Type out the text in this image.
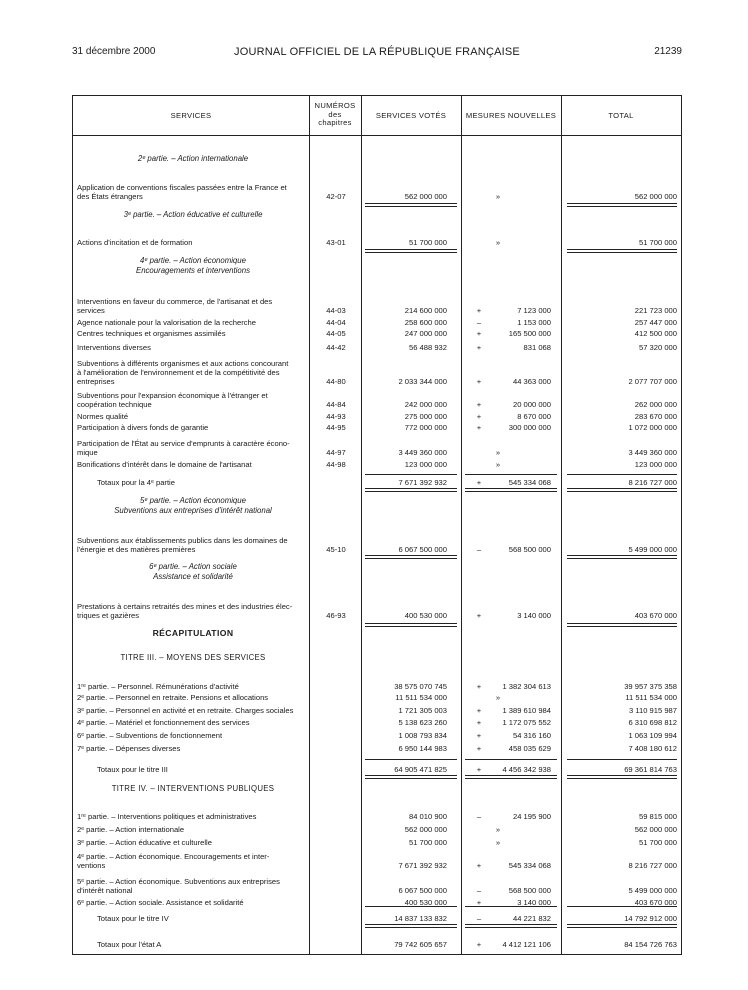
31 décembre 2000	JOURNAL OFFICIEL DE LA RÉPUBLIQUE FRANÇAISE	21239
SERVICES
NUMÉROS
des
chapitres
SERVICES VOTÉS	MESURES NOUVELLES	TOTAL
2ᵉ partie. – Action internationale
3ᵉ partie. – Action éducative et culturelle
4ᵉ partie. – Action économique
Encouragements et interventions
5ᵉ partie. – Action économique
Subventions aux entreprises d'intérêt national
6ᵉ partie. – Action sociale
Assistance et solidarité
RÉCAPITULATION
TITRE III. – MOYENS DES SERVICES
TITRE IV. – INTERVENTIONS PUBLIQUES
Application de conventions fiscales passées entre la France et
des États étrangers	42-07	562 000 000	»	562 000 000
Actions d'incitation et de formation	43-01	51 700 000	»	51 700 000
Interventions en faveur du commerce, de l'artisanat et des
services	44-03	214 600 000	+	7 123 000	221 723 000
Agence nationale pour la valorisation de la recherche	44-04	258 600 000	–	1 153 000	257 447 000
Centres techniques et organismes assimilés	44-05	247 000 000	+	165 500 000	412 500 000
Interventions diverses	44-42	56 488 932	+	831 068	57 320 000
Subventions à différents organismes et aux actions concourant
à l'amélioration de l'environnement et de la compétitivité des
entreprises	44-80	2 033 344 000	+	44 363 000	2 077 707 000
Subventions pour l'expansion économique à l'étranger et
coopération technique	44-84	242 000 000	+	20 000 000	262 000 000
Normes qualité	44-93	275 000 000	+	8 670 000	283 670 000
Participation à divers fonds de garantie	44-95	772 000 000	+	300 000 000	1 072 000 000
Participation de l'État au service d'emprunts à caractère écono-
mique	44-97	3 449 360 000	»	3 449 360 000
Bonifications d'intérêt dans le domaine de l'artisanat	44-98	123 000 000	»	123 000 000
Totaux pour la 4ᵉ partie	7 671 392 932	+	545 334 068	8 216 727 000
Subventions aux établissements publics dans les domaines de
l'énergie et des matières premières	45-10	6 067 500 000	–	568 500 000	5 499 000 000
Prestations à certains retraités des mines et des industries élec-
triques et gazières	46-93	400 530 000	+	3 140 000	403 670 000
1ʳᵉ partie. – Personnel. Rémunérations d'activité	38 575 070 745	+	1 382 304 613	39 957 375 358
2ᵉ partie. – Personnel en retraite. Pensions et allocations	11 511 534 000	»	11 511 534 000
3ᵉ partie. – Personnel en activité et en retraite. Charges sociales	1 721 305 003	+	1 389 610 984	3 110 915 987
4ᵉ partie. – Matériel et fonctionnement des services	5 138 623 260	+	1 172 075 552	6 310 698 812
6ᵉ partie. – Subventions de fonctionnement	1 008 793 834	+	54 316 160	1 063 109 994
7ᵉ partie. – Dépenses diverses	6 950 144 983	+	458 035 629	7 408 180 612
Totaux pour le titre III	64 905 471 825	+	4 456 342 938	69 361 814 763
1ʳᵉ partie. – Interventions politiques et administratives	84 010 900	–	24 195 900	59 815 000
2ᵉ partie. – Action internationale	562 000 000	»	562 000 000
3ᵉ partie. – Action éducative et culturelle	51 700 000	»	51 700 000
4ᵉ partie. – Action économique. Encouragements et inter-
ventions	7 671 392 932	+	545 334 068	8 216 727 000
5ᵉ partie. – Action économique. Subventions aux entreprises
d'intérêt national	6 067 500 000	–	568 500 000	5 499 000 000
6ᵉ partie. – Action sociale. Assistance et solidarité	400 530 000	+	3 140 000	403 670 000
Totaux pour le titre IV	14 837 133 832	–	44 221 832	14 792 912 000
Totaux pour l'état A	79 742 605 657	+	4 412 121 106	84 154 726 763
